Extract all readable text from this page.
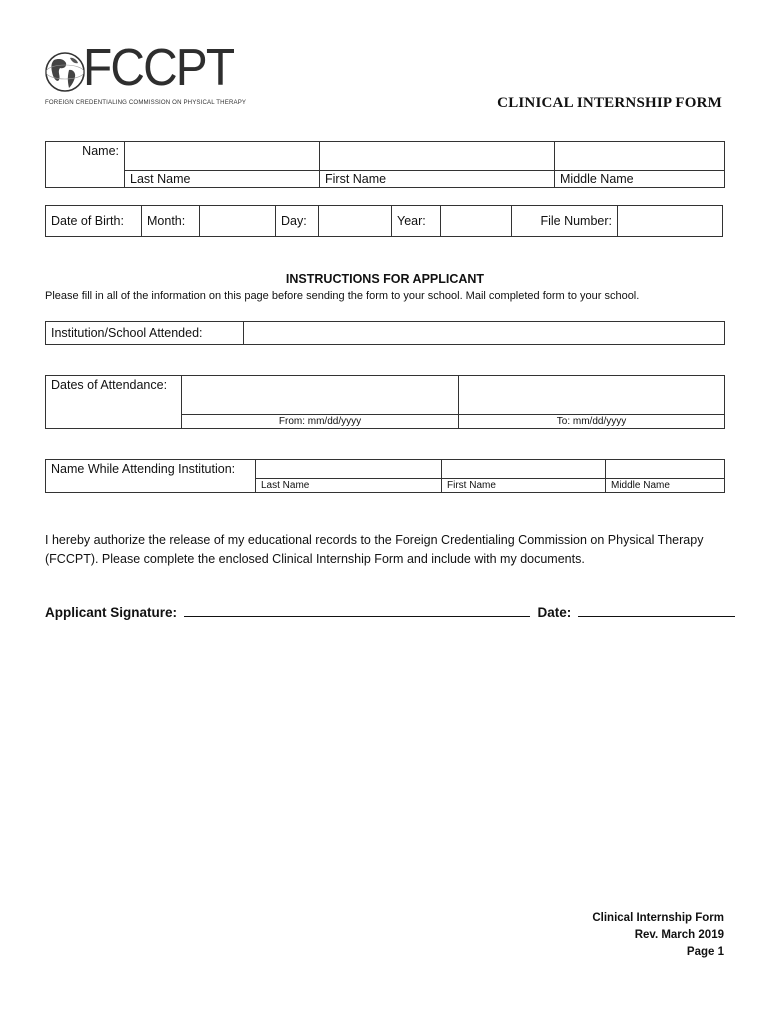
FCCPT
FOREIGN CREDENTIALING COMMISSION ON PHYSICAL THERAPY	CLINICAL INTERNSHIP FORM
Name:			
	Last Name	First Name	Middle Name
Date of Birth:	Month:		Day:		Year:		File Number:	
INSTRUCTIONS FOR APPLICANT
Please fill in all of the information on this page before sending the form to your school. Mail completed form to your school.
Institution/School Attended:	
Dates of Attendance:		
	From: mm/dd/yyyy	To: mm/dd/yyyy
Name While Attending Institution:			
	Last Name	First Name	Middle Name
I hereby authorize the release of my educational records to the Foreign Credentialing Commission on Physical Therapy (FCCPT). Please complete the enclosed Clinical Internship Form and include with my documents.
Applicant Signature:	Date:
Clinical Internship Form
Rev. March 2019
Page 1
